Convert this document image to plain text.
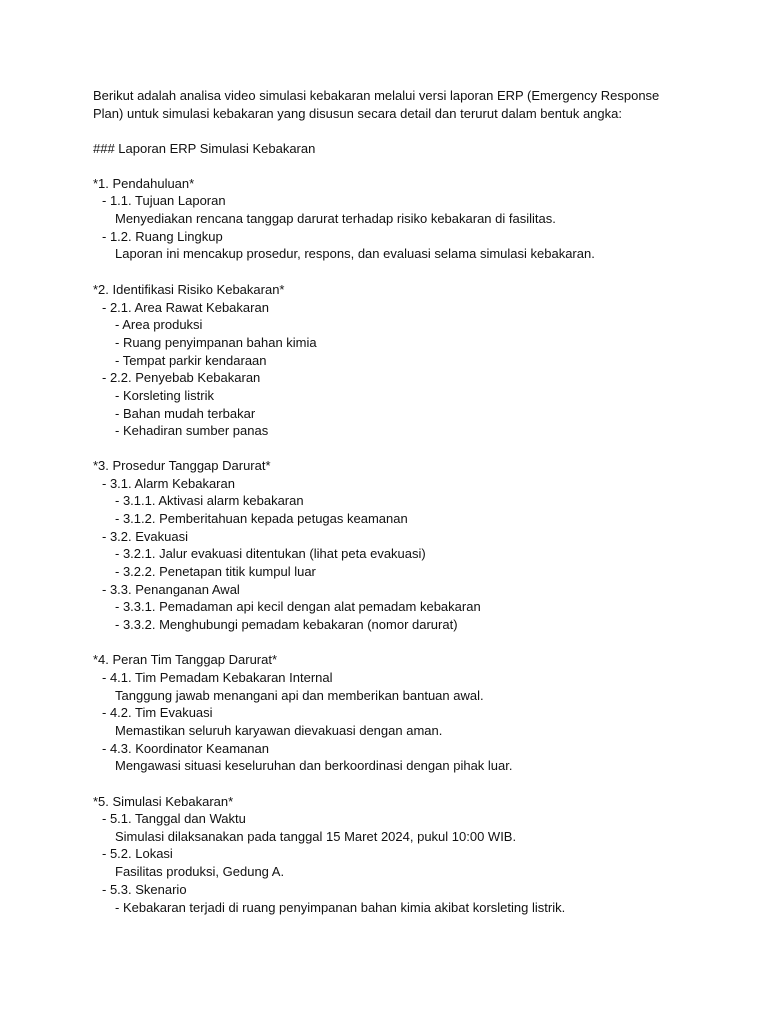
Berikut adalah analisa video simulasi kebakaran melalui versi laporan ERP (Emergency Response
Plan) untuk simulasi kebakaran yang disusun secara detail dan terurut dalam bentuk angka:
### Laporan ERP Simulasi Kebakaran
*1. Pendahuluan*
- 1.1. Tujuan Laporan
Menyediakan rencana tanggap darurat terhadap risiko kebakaran di fasilitas.
- 1.2. Ruang Lingkup
Laporan ini mencakup prosedur, respons, dan evaluasi selama simulasi kebakaran.
*2. Identifikasi Risiko Kebakaran*
- 2.1. Area Rawat Kebakaran
- Area produksi
- Ruang penyimpanan bahan kimia
- Tempat parkir kendaraan
- 2.2. Penyebab Kebakaran
- Korsleting listrik
- Bahan mudah terbakar
- Kehadiran sumber panas
*3. Prosedur Tanggap Darurat*
- 3.1. Alarm Kebakaran
- 3.1.1. Aktivasi alarm kebakaran
- 3.1.2. Pemberitahuan kepada petugas keamanan
- 3.2. Evakuasi
- 3.2.1. Jalur evakuasi ditentukan (lihat peta evakuasi)
- 3.2.2. Penetapan titik kumpul luar
- 3.3. Penanganan Awal
- 3.3.1. Pemadaman api kecil dengan alat pemadam kebakaran
- 3.3.2. Menghubungi pemadam kebakaran (nomor darurat)
*4. Peran Tim Tanggap Darurat*
- 4.1. Tim Pemadam Kebakaran Internal
Tanggung jawab menangani api dan memberikan bantuan awal.
- 4.2. Tim Evakuasi
Memastikan seluruh karyawan dievakuasi dengan aman.
- 4.3. Koordinator Keamanan
Mengawasi situasi keseluruhan dan berkoordinasi dengan pihak luar.
*5. Simulasi Kebakaran*
- 5.1. Tanggal dan Waktu
Simulasi dilaksanakan pada tanggal 15 Maret 2024, pukul 10:00 WIB.
- 5.2. Lokasi
Fasilitas produksi, Gedung A.
- 5.3. Skenario
- Kebakaran terjadi di ruang penyimpanan bahan kimia akibat korsleting listrik.
